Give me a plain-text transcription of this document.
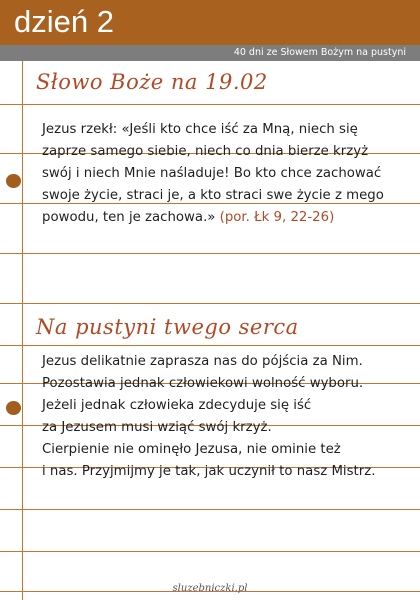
dzień 2
40 dni ze Słowem Bożym na pustyni
Słowo Boże na 19.02

Jezus rzekł: «Jeśli kto chce iść za Mną, niech się
zaprze samego siebie, niech co dnia bierze krzyż
swój i niech Mnie naśladuje! Bo kto chce zachować
swoje życie, straci je, a kto straci swe życie z mego
powodu, ten je zachowa.» (por. Łk 9, 22-26)

Na pustyni twego serca

Jezus delikatnie zaprasza nas do pójścia za Nim.
Pozostawia jednak człowiekowi wolność wyboru.
Jeżeli jednak człowieka zdecyduje się iść
za Jezusem musi wziąć swój krzyż.
Cierpienie nie ominęło Jezusa, nie ominie też
i nas. Przyjmijmy je tak, jak uczynił to nasz Mistrz.

sluzebniczki.pl
